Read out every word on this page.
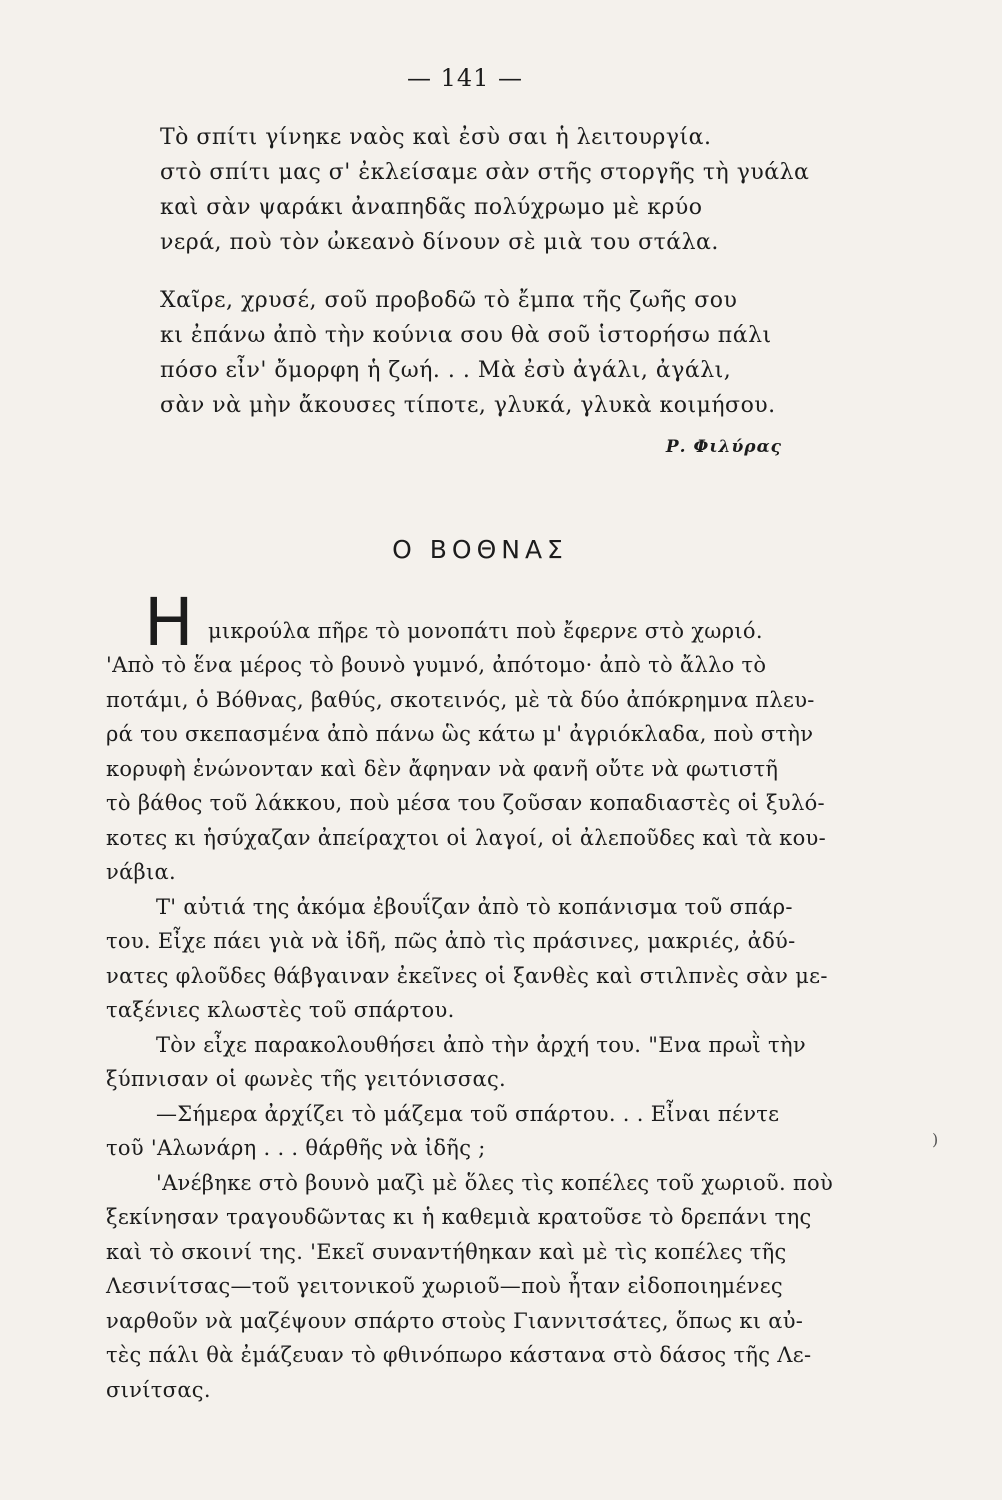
— 141 —
Τὸ σπίτι γίνηκε ναὸς καὶ ἐσὺ σαι ἡ λειτουργία.
στὸ σπίτι μας σ' ἐκλείσαμε σὰν στῆς στοργῆς τὴ γυάλα
καὶ σὰν ψαράκι ἀναπηδᾶς πολύχρωμο μὲ κρύο
νερά, ποὺ τὸν ὠκεανὸ δίνουν σὲ μιὰ του στάλα.
Χαῖρε, χρυσέ, σοῦ προβοδῶ τὸ ἔμπα τῆς ζωῆς σου
κι ἐπάνω ἀπὸ τὴν κούνια σου θὰ σοῦ ἱστορήσω πάλι
πόσο εἶν' ὄμορφη ἡ ζωή. . . Μὰ ἐσὺ ἀγάλι, ἀγάλι,
σὰν νὰ μὴν ἄκουσες τίποτε, γλυκά, γλυκὰ κοιμήσου.
Ρ. Φιλύρας
Ο ΒΟΘΝΑΣ
Η μικρούλα πῆρε τὸ μονοπάτι ποὺ ἔφερνε στὸ χωριό.
'Απὸ τὸ ἕνα μέρος τὸ βουνὸ γυμνό, ἀπότομο· ἀπὸ τὸ ἄλλο τὸ
ποτάμι, ὁ Βόθνας, βαθύς, σκοτεινός, μὲ τὰ δύο ἀπόκρημνα πλευ-
ρά του σκεπασμένα ἀπὸ πάνω ὣς κάτω μ' ἀγριόκλαδα, ποὺ στὴν
κορυφὴ ἑνώνονταν καὶ δὲν ἄφηναν νὰ φανῆ οὔτε νὰ φωτιστῆ
τὸ βάθος τοῦ λάκκου, ποὺ μέσα του ζοῦσαν κοπαδιαστὲς οἱ ξυλό-
κοτες κι ἡσύχαζαν ἀπείραχτοι οἱ λαγοί, οἱ ἀλεποῦδες καὶ τὰ κου-
νάβια.
Τ' αὐτιά της ἀκόμα ἐβουΐζαν ἀπὸ τὸ κοπάνισμα τοῦ σπάρ-
του. Εἶχε πάει γιὰ νὰ ἰδῆ, πῶς ἀπὸ τὶς πράσινες, μακριές, ἀδύ-
νατες φλοῦδες θάβγαιναν ἐκεῖνες οἱ ξανθὲς καὶ στιλπνὲς σὰν με-
ταξένιες κλωστὲς τοῦ σπάρτου.
Τὸν εἶχε παρακολουθήσει ἀπὸ τὴν ἀρχή του. "Ενα πρωῒ τὴν
ξύπνισαν οἱ φωνὲς τῆς γειτόνισσας.
—Σήμερα ἀρχίζει τὸ μάζεμα τοῦ σπάρτου. . . Εἶναι πέντε
τοῦ 'Αλωνάρη . . . θάρθῆς νὰ ἰδῆς ;
'Ανέβηκε στὸ βουνὸ μαζὶ μὲ ὅλες τὶς κοπέλες τοῦ χωριοῦ. ποὺ
ξεκίνησαν τραγουδῶντας κι ἡ καθεμιὰ κρατοῦσε τὸ δρεπάνι της
καὶ τὸ σκοινί της. 'Εκεῖ συναντήθηκαν καὶ μὲ τὶς κοπέλες τῆς
Λεσινίτσας—τοῦ γειτονικοῦ χωριοῦ—ποὺ ἦταν εἰδοποιημένες
ναρθοῦν νὰ μαζέψουν σπάρτο στοὺς Γιαννιτσάτες, ὅπως κι αὐ-
τὲς πάλι θὰ ἐμάζευαν τὸ φθινόπωρο κάστανα στὸ δάσος τῆς Λε-
σινίτσας.
)
